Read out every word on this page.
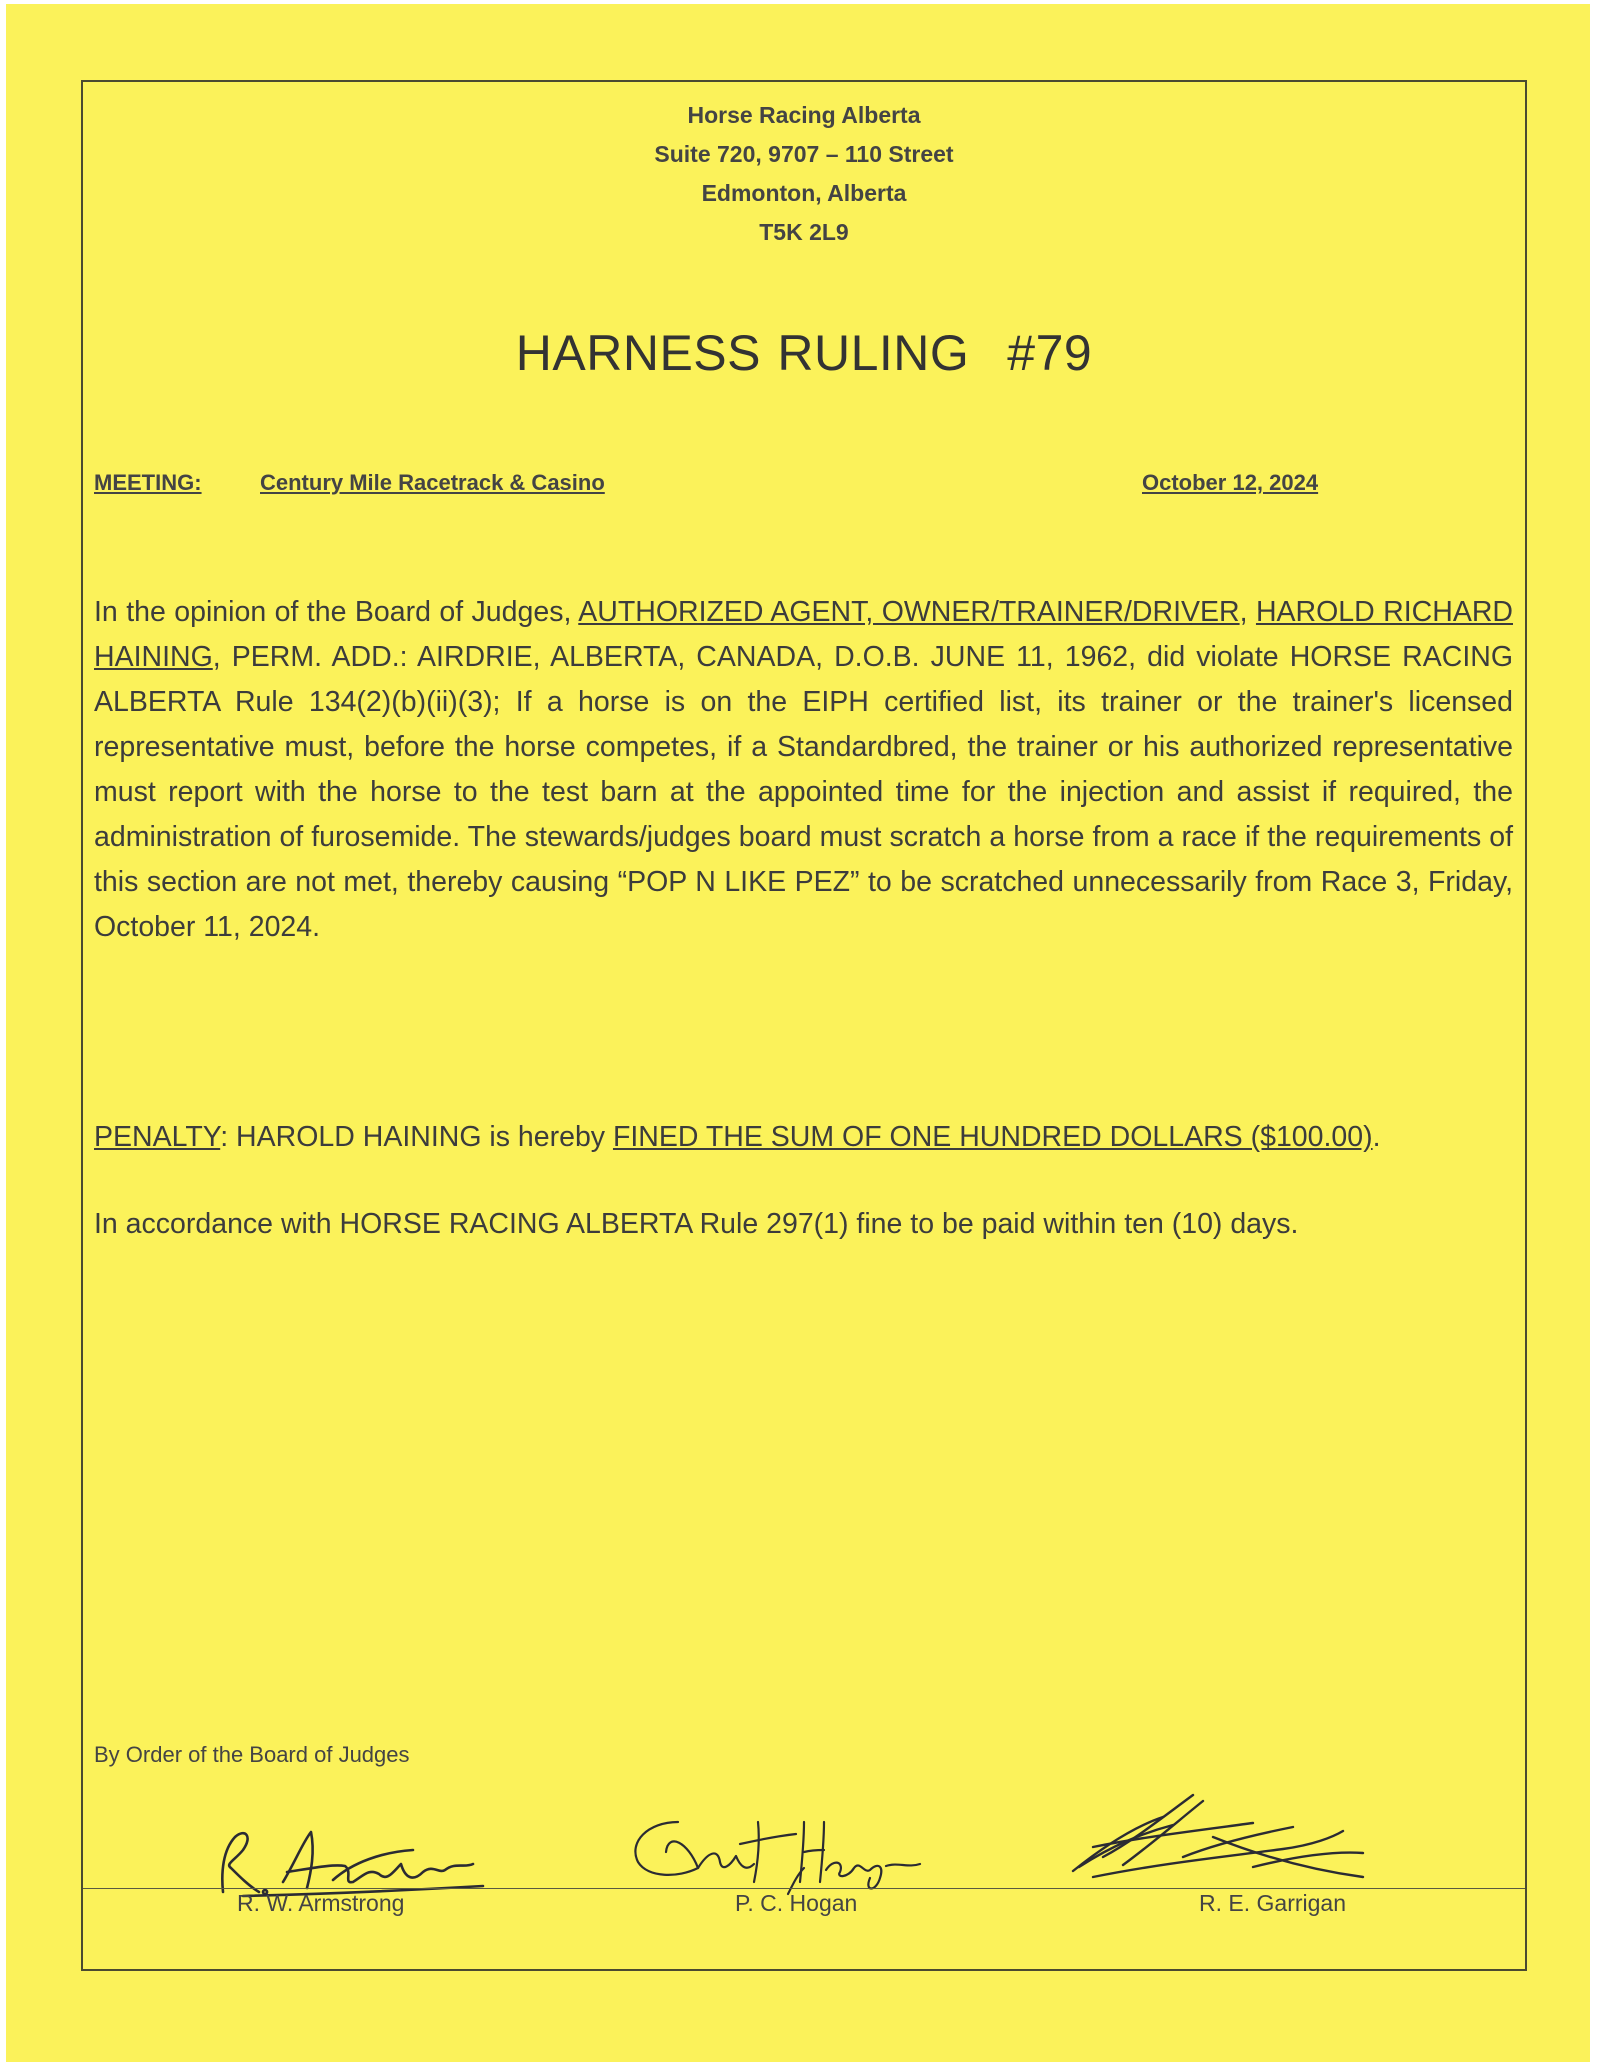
Horse Racing Alberta
Suite 720, 9707 – 110 Street
Edmonton, Alberta
T5K 2L9
HARNESS RULING #79
MEETING:	Century Mile Racetrack & Casino	October 12, 2024
In the opinion of the Board of Judges, AUTHORIZED AGENT, OWNER/TRAINER/DRIVER, HAROLD RICHARD HAINING, PERM. ADD.: AIRDRIE, ALBERTA, CANADA, D.O.B. JUNE 11, 1962, did violate HORSE RACING ALBERTA Rule 134(2)(b)(ii)(3); If a horse is on the EIPH certified list, its trainer or the trainer's licensed representative must, before the horse competes, if a Standardbred, the trainer or his authorized representative must report with the horse to the test barn at the appointed time for the injection and assist if required, the administration of furosemide. The stewards/judges board must scratch a horse from a race if the requirements of this section are not met, thereby causing “POP N LIKE PEZ” to be scratched unnecessarily from Race 3, Friday, October 11, 2024.
PENALTY: HAROLD HAINING is hereby FINED THE SUM OF ONE HUNDRED DOLLARS ($100.00).
In accordance with HORSE RACING ALBERTA Rule 297(1) fine to be paid within ten (10) days.
By Order of the Board of Judges
R. W. Armstrong	P. C. Hogan	R. E. Garrigan
